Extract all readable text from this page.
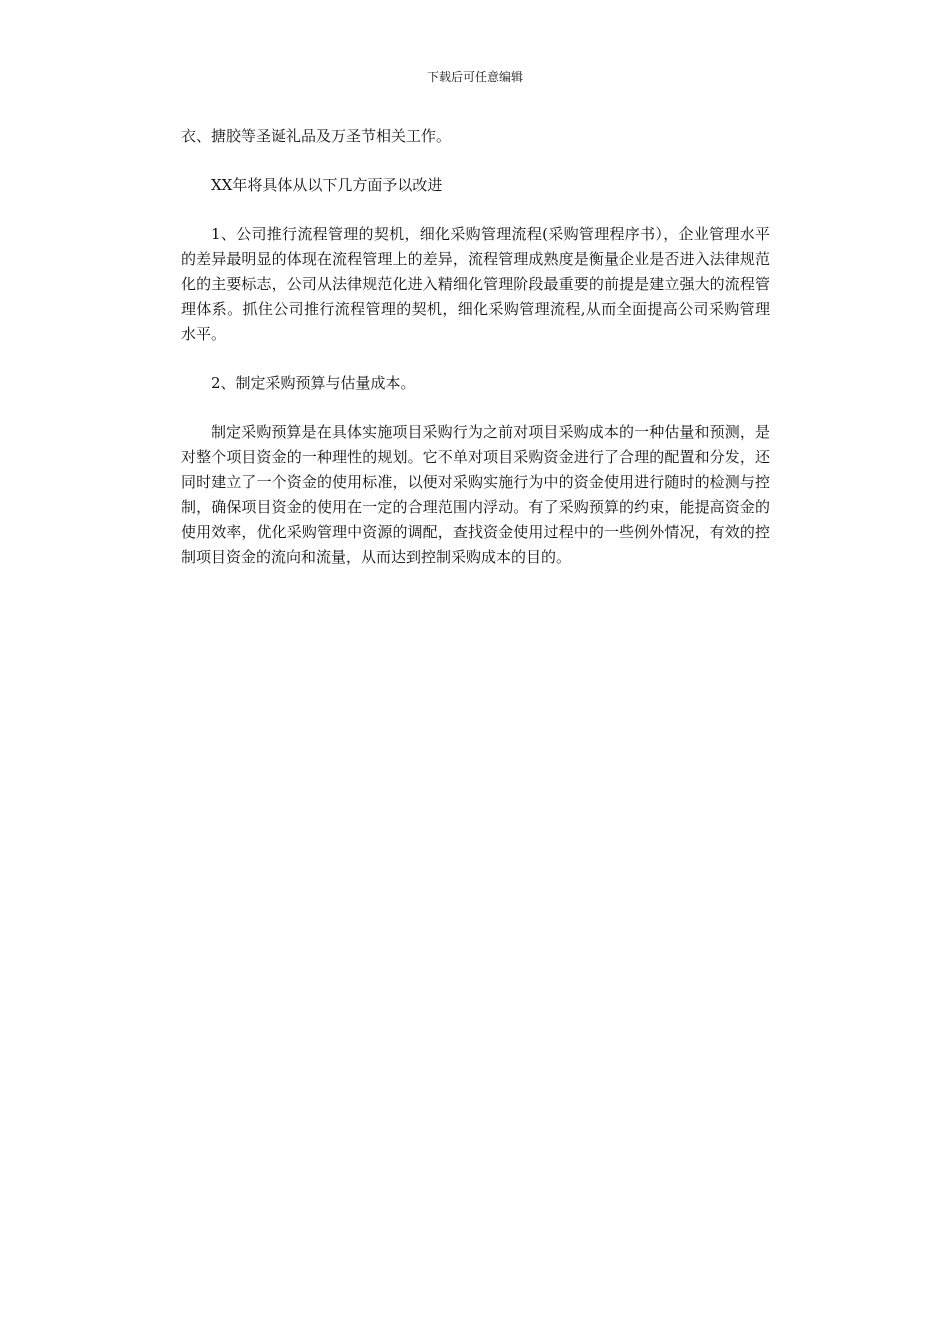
下载后可任意编辑

衣、搪胶等圣诞礼品及万圣节相关工作。

XX年将具体从以下几方面予以改进

1、公司推行流程管理的契机，细化采购管理流程(采购管理程序书），企业管理水平的差异最明显的体现在流程管理上的差异，流程管理成熟度是衡量企业是否进入法律规范化的主要标志，公司从法律规范化进入精细化管理阶段最重要的前提是建立强大的流程管理体系。抓住公司推行流程管理的契机，细化采购管理流程,从而全面提高公司采购管理水平。

2、制定采购预算与估量成本。

制定采购预算是在具体实施项目采购行为之前对项目采购成本的一种估量和预测，是对整个项目资金的一种理性的规划。它不单对项目采购资金进行了合理的配置和分发，还同时建立了一个资金的使用标准，以便对采购实施行为中的资金使用进行随时的检测与控制，确保项目资金的使用在一定的合理范围内浮动。有了采购预算的约束，能提高资金的使用效率，优化采购管理中资源的调配，查找资金使用过程中的一些例外情况，有效的控制项目资金的流向和流量，从而达到控制采购成本的目的。
